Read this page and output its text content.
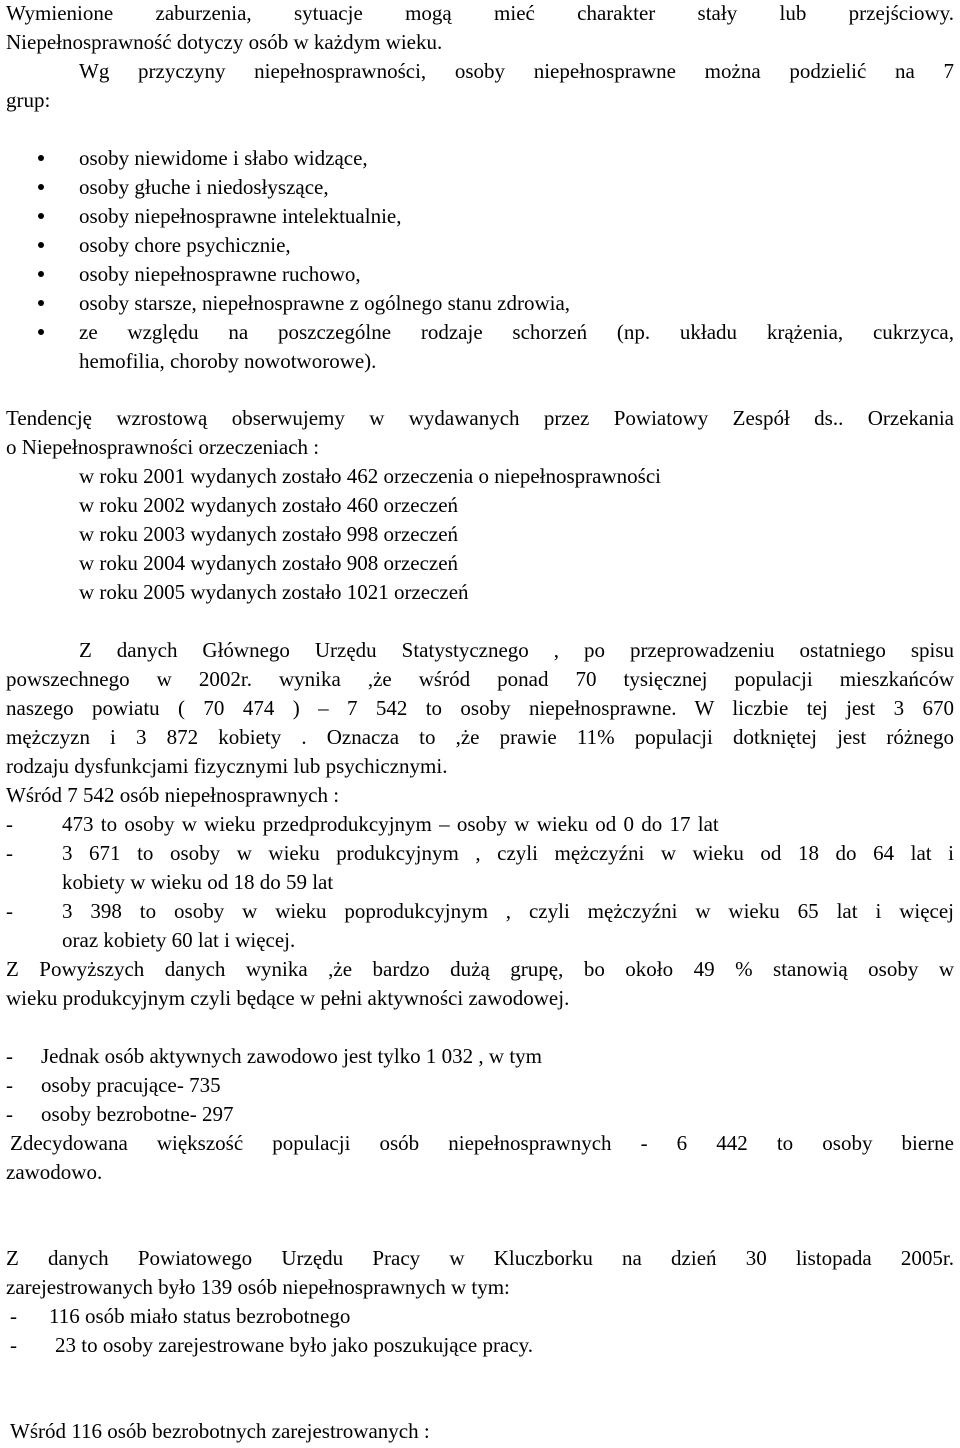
Wymienione zaburzenia, sytuacje mogą mieć charakter stały lub przejściowy.
Niepełnosprawność dotyczy osób w każdym wieku.
Wg przyczyny niepełnosprawności, osoby niepełnosprawne można podzielić na 7
grup:
osoby niewidome i słabo widzące,
osoby głuche i niedosłyszące,
osoby niepełnosprawne intelektualnie,
osoby chore psychicznie,
osoby niepełnosprawne ruchowo,
osoby starsze, niepełnosprawne z ogólnego stanu zdrowia,
ze względu na poszczególne rodzaje schorzeń (np. układu krążenia, cukrzyca,
hemofilia, choroby nowotworowe).
Tendencję wzrostową obserwujemy w wydawanych przez Powiatowy Zespół ds.. Orzekania
o Niepełnosprawności orzeczeniach :
w roku 2001 wydanych zostało 462 orzeczenia o niepełnosprawności
w roku 2002 wydanych zostało 460 orzeczeń
w roku 2003 wydanych zostało 998 orzeczeń
w roku 2004 wydanych zostało 908 orzeczeń
w roku 2005 wydanych zostało 1021 orzeczeń
Z danych Głównego Urzędu Statystycznego , po przeprowadzeniu ostatniego spisu
powszechnego w 2002r. wynika ,że wśród ponad 70 tysięcznej populacji mieszkańców
naszego powiatu ( 70 474 ) – 7 542 to osoby niepełnosprawne. W liczbie tej jest 3 670
mężczyzn i 3 872 kobiety . Oznacza to ,że prawie 11% populacji dotkniętej jest różnego
rodzaju dysfunkcjami fizycznymi lub psychicznymi.
Wśród 7 542 osób niepełnosprawnych :
- 473 to osoby w wieku przedprodukcyjnym – osoby w wieku od 0 do 17 lat
- 3 671 to osoby w wieku produkcyjnym , czyli mężczyźni w wieku od 18 do 64 lat i
kobiety w wieku od 18 do 59 lat
- 3 398 to osoby w wieku poprodukcyjnym , czyli mężczyźni w wieku 65 lat i więcej
oraz kobiety 60 lat i więcej.
Z Powyższych danych wynika ,że bardzo dużą grupę, bo około 49 % stanowią osoby w
wieku produkcyjnym czyli będące w pełni aktywności zawodowej.
- Jednak osób aktywnych zawodowo jest tylko 1 032 , w tym
- osoby pracujące- 735
- osoby bezrobotne- 297
Zdecydowana większość populacji osób niepełnosprawnych - 6 442 to osoby bierne
zawodowo.
Z danych Powiatowego Urzędu Pracy w Kluczborku na dzień 30 listopada 2005r.
zarejestrowanych było 139 osób niepełnosprawnych w tym:
- 116 osób miało status bezrobotnego
- 23 to osoby zarejestrowane było jako poszukujące pracy.
Wśród 116 osób bezrobotnych zarejestrowanych :
